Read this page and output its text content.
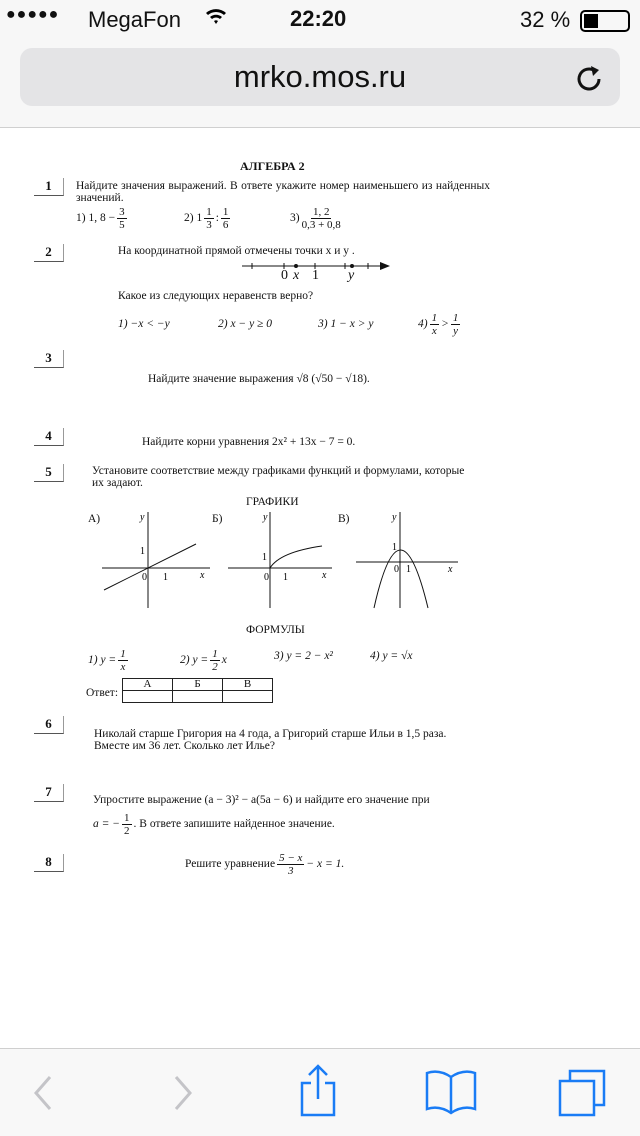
●●●●● MegaFon	22:20	32 %
mrko.mos.ru
АЛГЕБРА 2
1	Найдите значения выражений. В ответе укажите номер наименьшего из найденных значений.
1) 1, $8 - \frac{3}{5}$	2) $1 \frac{1}{3}$ : $\frac{1}{6}$	$3) \frac{1, 2}{0,3 + 0,8}$
2	На координатной прямой отмечены точки x и y .
0 x 1 y
Какое из следующих неравенств верно?
1) −x < −y	2) x − y ≥ 0	3) 1 − x > y	$4) \frac{1}{x} > \frac{1}{y}$
3
Найдите значение выражения √8 (√50 − √18).
4	Найдите корни уравнения 2x² + 13x − 7 = 0.
5	Установите соответствие между графиками функций и формулами, которые их задают.
ГРАФИКИ
А)	Б)	В)
y
x
y
x
y
x
1
0 1
1
0 1
1
0 1
ФОРМУЛЫ
1) $y = \frac{1}{x}$	2) $y = \frac{1}{2}$ x	3) y = 2 − x²	4) y = √x
Ответ:
А	Б	В

6
Николай старше Григория на 4 года, а Григорий старше Ильи в 1,5 раза. Вместе им 36 лет. Сколько лет Илье?
7
Упростите выражение (a − 3)² − a(5a − 6) и найдите его значение при
a = − $\frac{1}{2}$ . В ответе запишите найденное значение.
8	Решите уравнение $\frac{5 - x}{3} - x = 1$.
